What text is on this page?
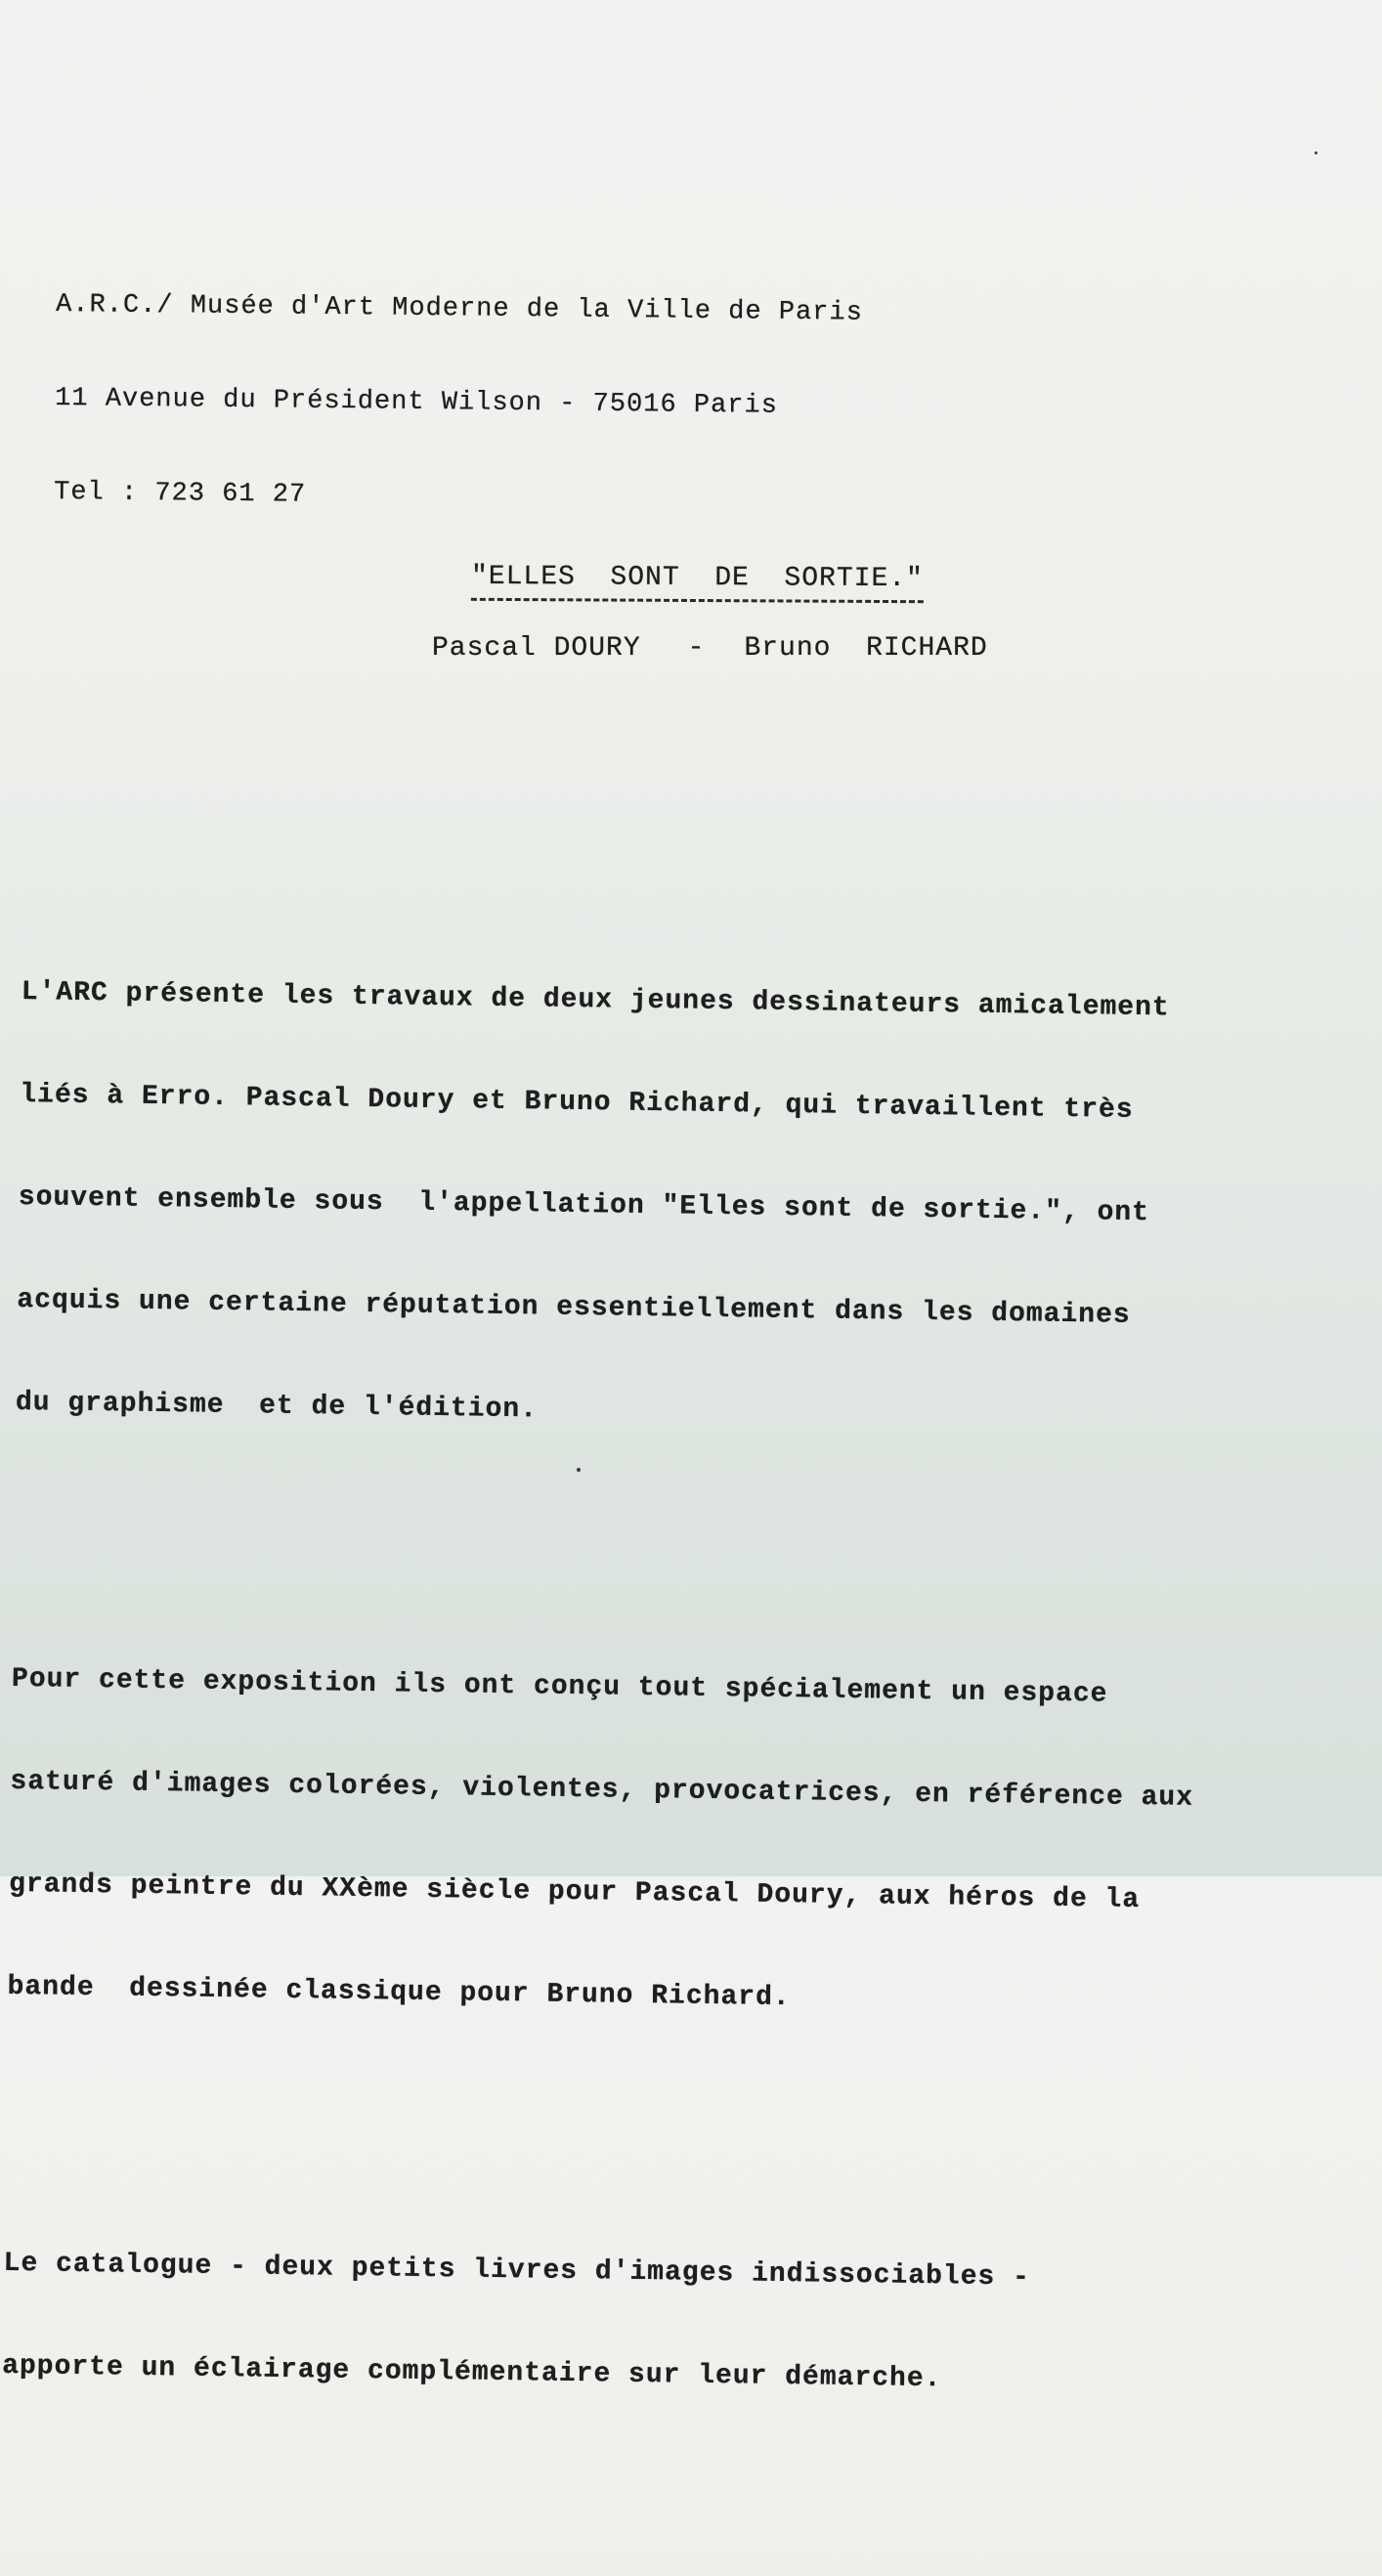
A.R.C./ Musée d'Art Moderne de la Ville de Paris

11 Avenue du Président Wilson - 75016 Paris

Tel : 723 61 27

"ELLES  SONT  DE  SORTIE."
Pascal DOURY - Bruno  RICHARD

L'ARC présente les travaux de deux jeunes dessinateurs amicalement

liés à Erro. Pascal Doury et Bruno Richard, qui travaillent très

souvent ensemble sous  l'appellation "Elles sont de sortie.", ont

acquis une certaine réputation essentiellement dans les domaines

du graphisme  et de l'édition.

Pour cette exposition ils ont conçu tout spécialement un espace

saturé d'images colorées, violentes, provocatrices, en référence aux

grands peintre du XXème siècle pour Pascal Doury, aux héros de la

bande  dessinée classique pour Bruno Richard.

Le catalogue - deux petits livres d'images indissociables -

apporte un éclairage complémentaire sur leur démarche.
